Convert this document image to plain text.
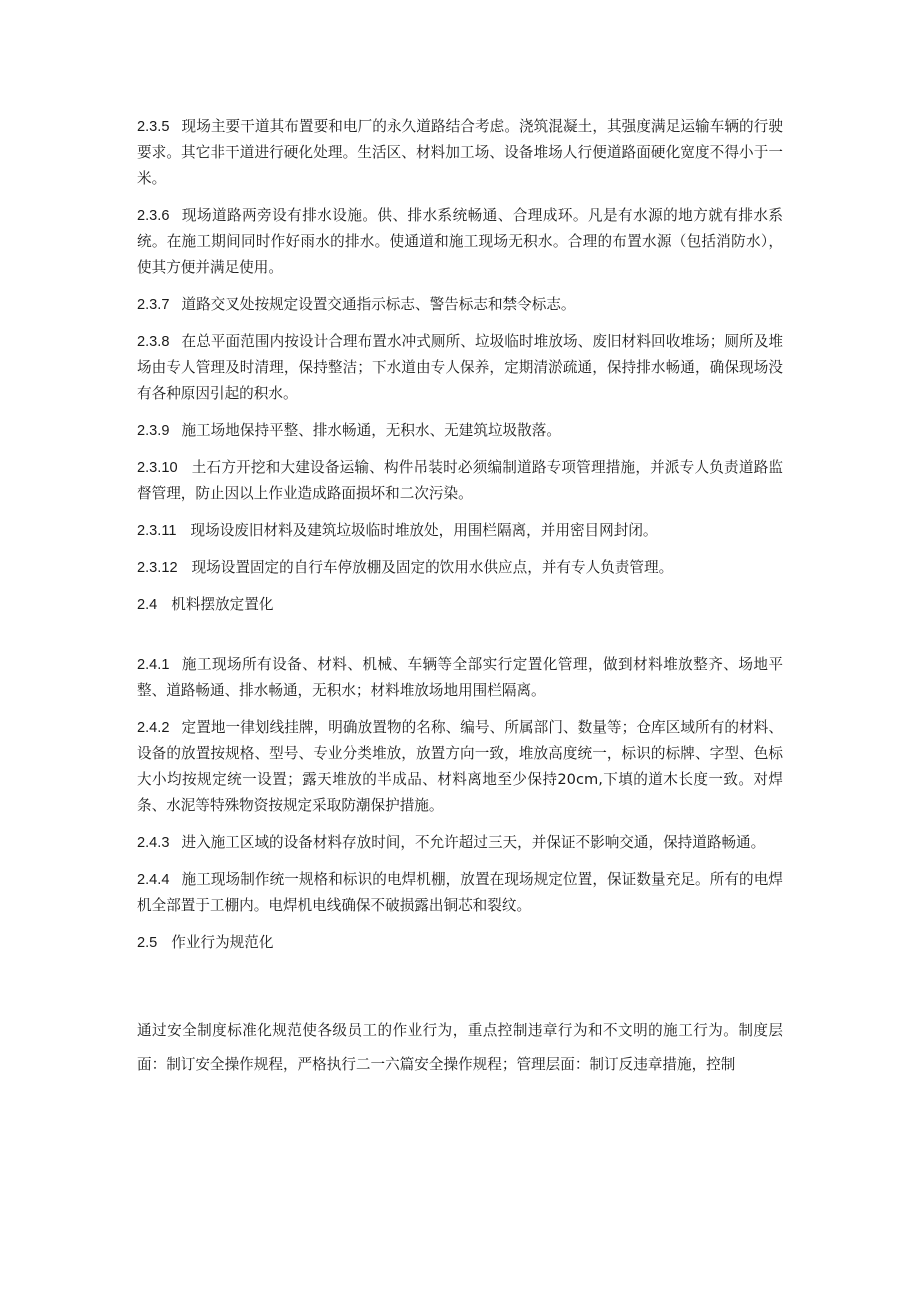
2.3.5 现场主要干道其布置要和电厂的永久道路结合考虑。浇筑混凝土，其强度满足运输车辆的行驶要求。其它非干道进行硬化处理。生活区、材料加工场、设备堆场人行便道路面硬化宽度不得小于一米。

2.3.6 现场道路两旁设有排水设施。供、排水系统畅通、合理成环。凡是有水源的地方就有排水系统。在施工期间同时作好雨水的排水。使通道和施工现场无积水。合理的布置水源（包括消防水），使其方便并满足使用。

2.3.7 道路交叉处按规定设置交通指示标志、警告标志和禁令标志。

2.3.8 在总平面范围内按设计合理布置水冲式厕所、垃圾临时堆放场、废旧材料回收堆场；厕所及堆场由专人管理及时清理，保持整洁；下水道由专人保养，定期清淤疏通，保持排水畅通，确保现场没有各种原因引起的积水。

2.3.9 施工场地保持平整、排水畅通，无积水、无建筑垃圾散落。

2.3.10 土石方开挖和大建设备运输、构件吊装时必须编制道路专项管理措施，并派专人负责道路监督管理，防止因以上作业造成路面损坏和二次污染。

2.3.11 现场设废旧材料及建筑垃圾临时堆放处，用围栏隔离，并用密目网封闭。

2.3.12 现场设置固定的自行车停放棚及固定的饮用水供应点，并有专人负责管理。

2.4 机料摆放定置化

2.4.1 施工现场所有设备、材料、机械、车辆等全部实行定置化管理，做到材料堆放整齐、场地平整、道路畅通、排水畅通，无积水；材料堆放场地用围栏隔离。

2.4.2 定置地一律划线挂牌，明确放置物的名称、编号、所属部门、数量等；仓库区域所有的材料、设备的放置按规格、型号、专业分类堆放，放置方向一致，堆放高度统一，标识的标牌、字型、色标大小均按规定统一设置；露天堆放的半成品、材料离地至少保持20cm,下填的道木长度一致。对焊条、水泥等特殊物资按规定采取防潮保护措施。

2.4.3 进入施工区域的设备材料存放时间，不允许超过三天，并保证不影响交通，保持道路畅通。

2.4.4 施工现场制作统一规格和标识的电焊机棚，放置在现场规定位置，保证数量充足。所有的电焊机全部置于工棚内。电焊机电线确保不破损露出铜芯和裂纹。

2.5 作业行为规范化

通过安全制度标准化规范使各级员工的作业行为，重点控制违章行为和不文明的施工行为。制度层面：制订安全操作规程，严格执行二一六篇安全操作规程；管理层面：制订反违章措施，控制
